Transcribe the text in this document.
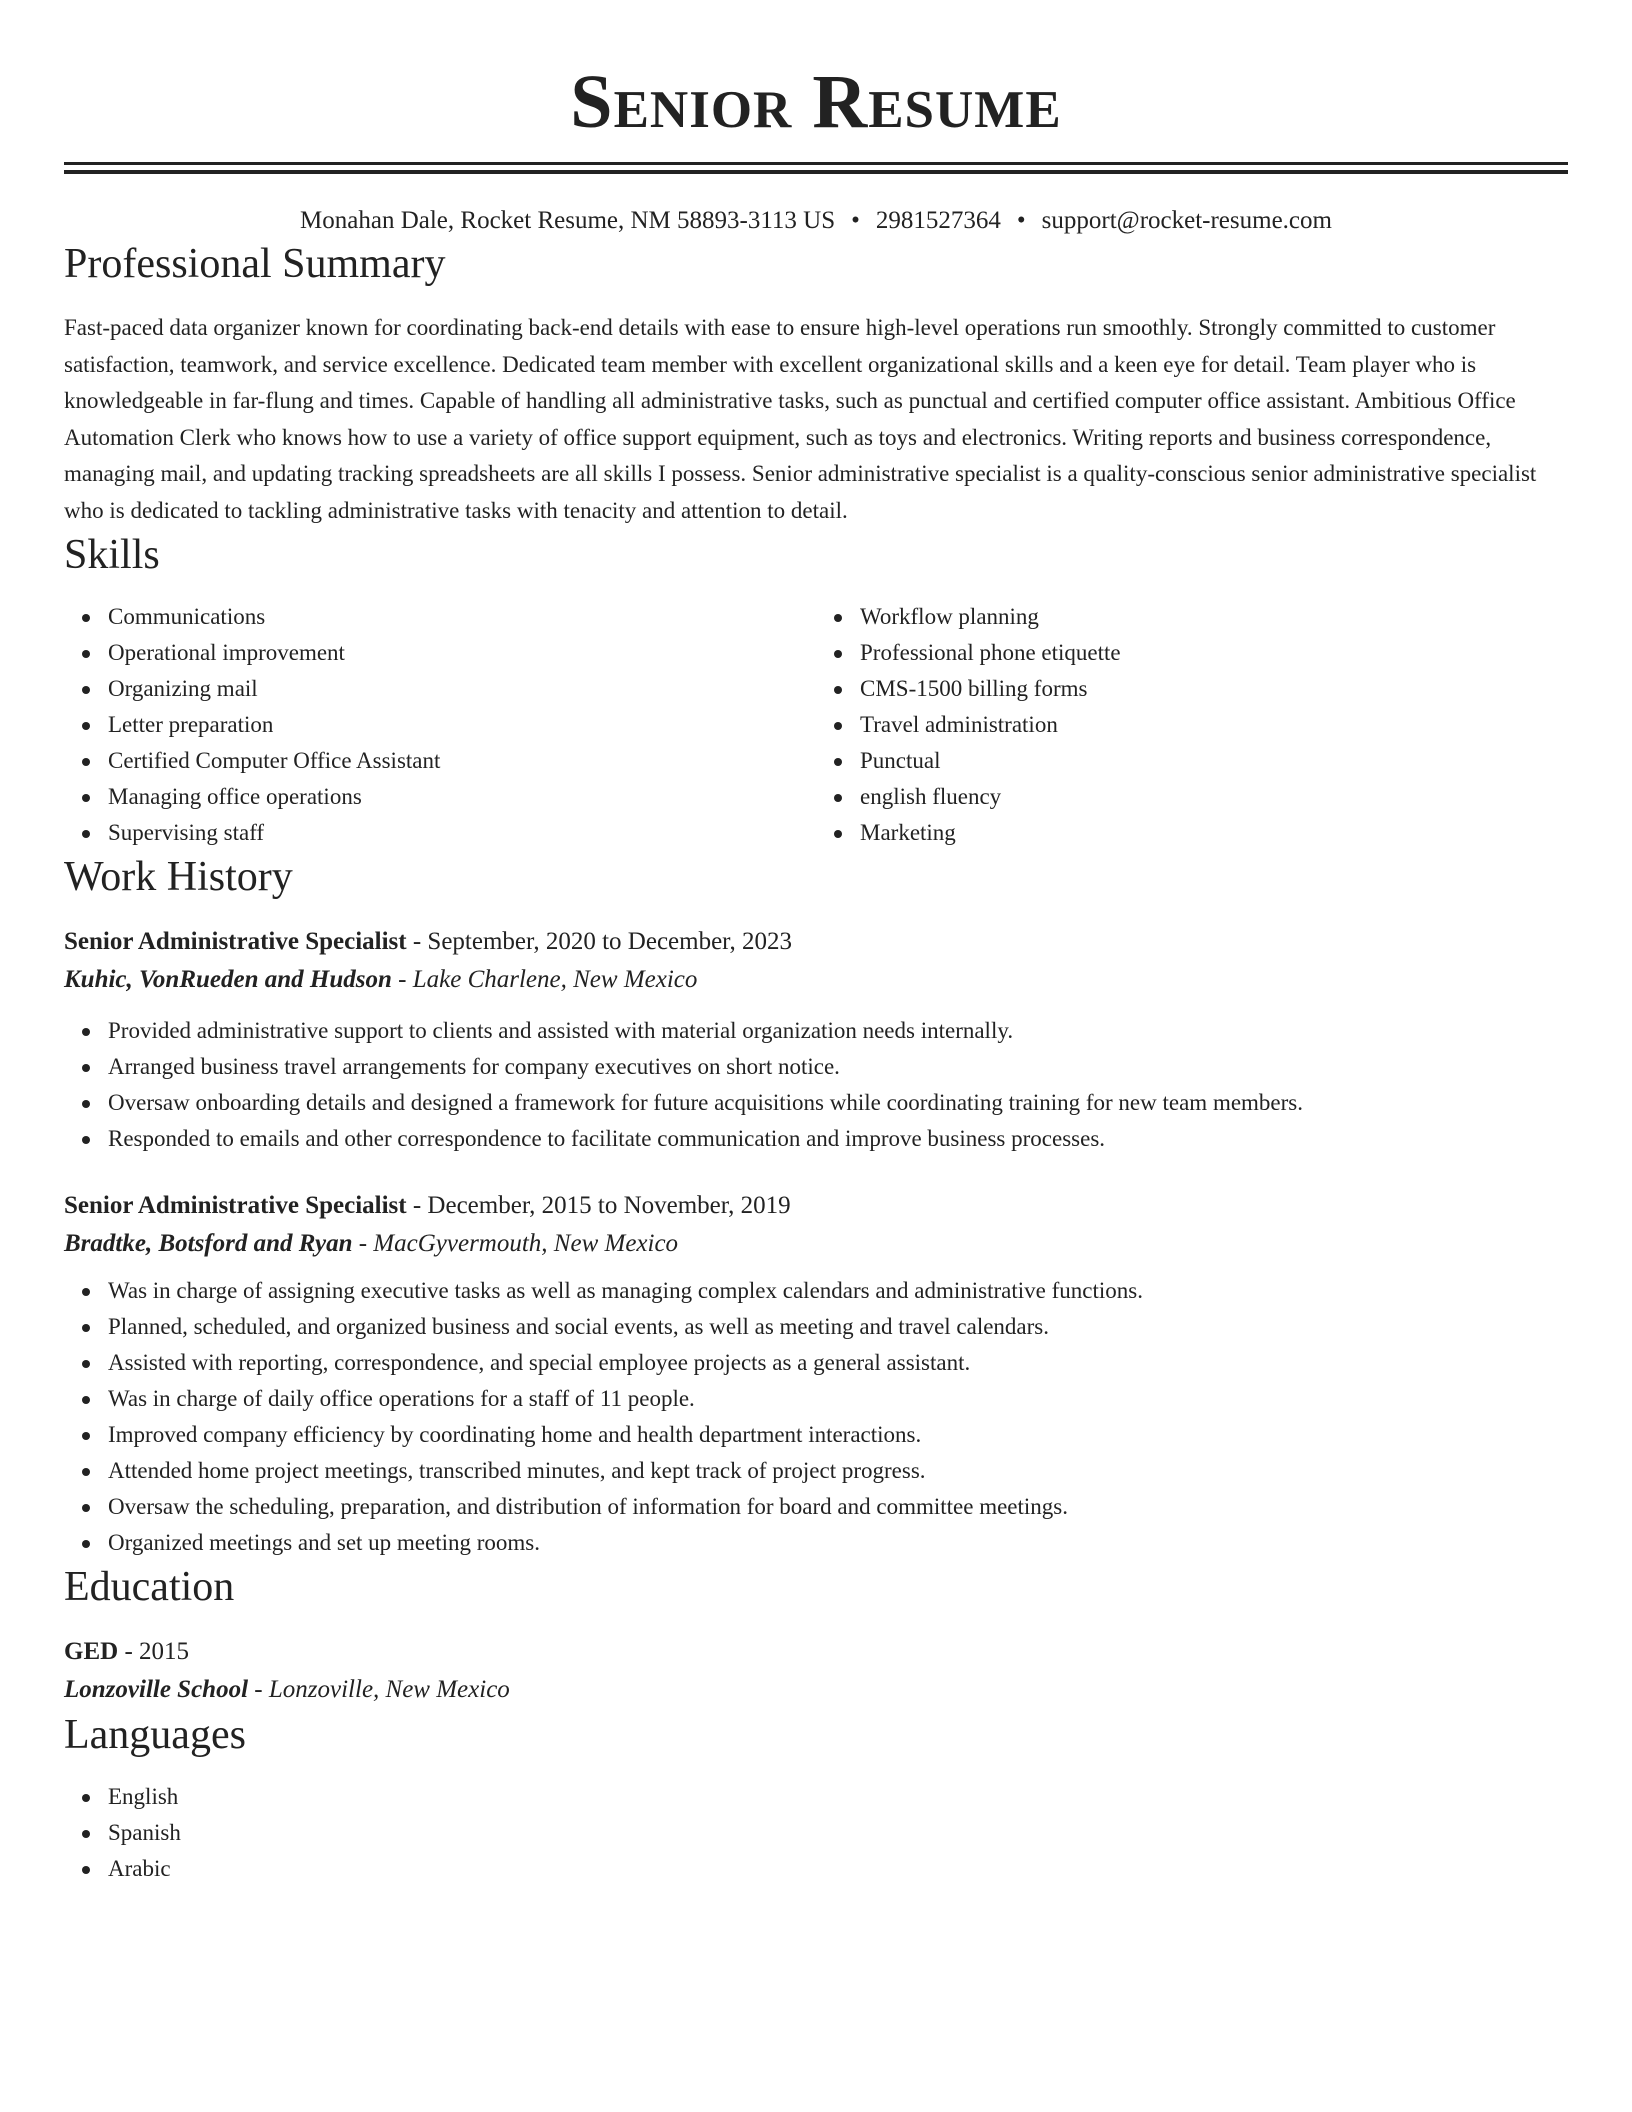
Senior Resume
Monahan Dale, Rocket Resume, NM 58893-3113 US • 2981527364 • support@rocket-resume.com
Professional Summary
Fast-paced data organizer known for coordinating back-end details with ease to ensure high-level operations run smoothly. Strongly committed to customer satisfaction, teamwork, and service excellence. Dedicated team member with excellent organizational skills and a keen eye for detail. Team player who is knowledgeable in far-flung and times. Capable of handling all administrative tasks, such as punctual and certified computer office assistant. Ambitious Office Automation Clerk who knows how to use a variety of office support equipment, such as toys and electronics. Writing reports and business correspondence, managing mail, and updating tracking spreadsheets are all skills I possess. Senior administrative specialist is a quality-conscious senior administrative specialist who is dedicated to tackling administrative tasks with tenacity and attention to detail.
Skills
Communications
Operational improvement
Organizing mail
Letter preparation
Certified Computer Office Assistant
Managing office operations
Supervising staff
Workflow planning
Professional phone etiquette
CMS-1500 billing forms
Travel administration
Punctual
english fluency
Marketing
Work History
Senior Administrative Specialist - September, 2020 to December, 2023
Kuhic, VonRueden and Hudson - Lake Charlene, New Mexico
Provided administrative support to clients and assisted with material organization needs internally.
Arranged business travel arrangements for company executives on short notice.
Oversaw onboarding details and designed a framework for future acquisitions while coordinating training for new team members.
Responded to emails and other correspondence to facilitate communication and improve business processes.
Senior Administrative Specialist - December, 2015 to November, 2019
Bradtke, Botsford and Ryan - MacGyvermouth, New Mexico
Was in charge of assigning executive tasks as well as managing complex calendars and administrative functions.
Planned, scheduled, and organized business and social events, as well as meeting and travel calendars.
Assisted with reporting, correspondence, and special employee projects as a general assistant.
Was in charge of daily office operations for a staff of 11 people.
Improved company efficiency by coordinating home and health department interactions.
Attended home project meetings, transcribed minutes, and kept track of project progress.
Oversaw the scheduling, preparation, and distribution of information for board and committee meetings.
Organized meetings and set up meeting rooms.
Education
GED - 2015
Lonzoville School - Lonzoville, New Mexico
Languages
English
Spanish
Arabic
